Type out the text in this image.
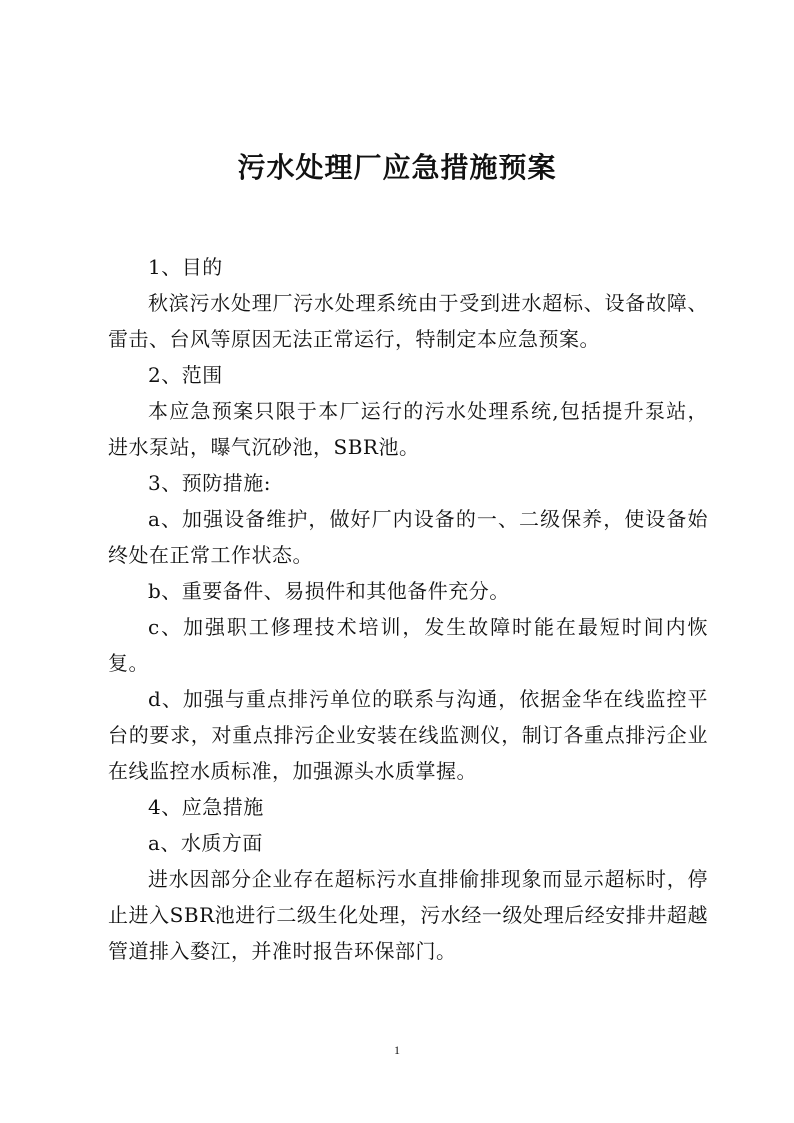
污水处理厂应急措施预案

1、目的

秋滨污水处理厂污水处理系统由于受到进水超标、设备故障、雷击、台风等原因无法正常运行，特制定本应急预案。

2、范围

本应急预案只限于本厂运行的污水处理系统,包括提升泵站，进水泵站，曝气沉砂池，SBR池。

3、预防措施:

a、加强设备维护，做好厂内设备的一、二级保养，使设备始终处在正常工作状态。

b、重要备件、易损件和其他备件充分。

c、加强职工修理技术培训，发生故障时能在最短时间内恢复。

d、加强与重点排污单位的联系与沟通，依据金华在线监控平台的要求，对重点排污企业安装在线监测仪，制订各重点排污企业在线监控水质标准，加强源头水质掌握。

4、应急措施

a、水质方面

进水因部分企业存在超标污水直排偷排现象而显示超标时，停止进入SBR池进行二级生化处理，污水经一级处理后经安排井超越管道排入婺江，并准时报告环保部门。

1
